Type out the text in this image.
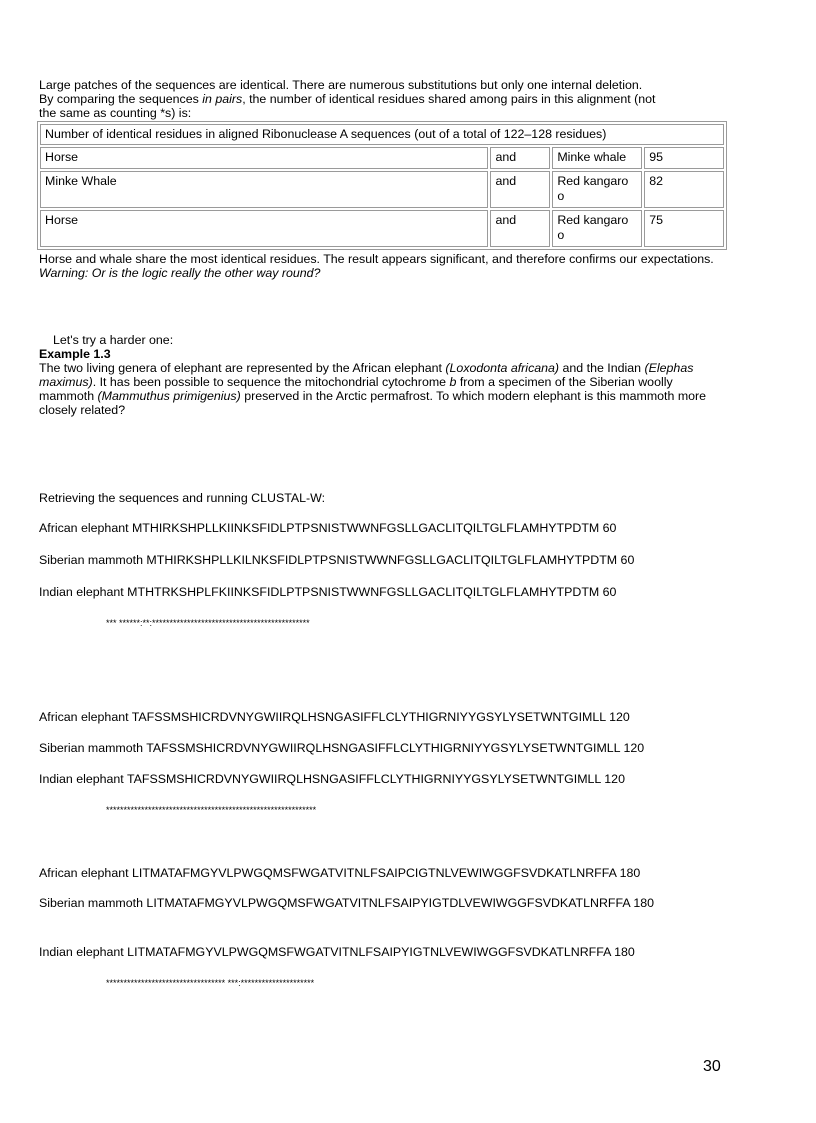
Large patches of the sequences are identical. There are numerous substitutions but only one internal deletion.

By comparing the sequences in pairs, the number of identical residues shared among pairs in this alignment (not

the same as counting *s) is:

Number of identical residues in aligned Ribonuclease A sequences (out of a total of 122–128 residues)			
Horse	and	Minke whale	95
Minke Whale	and	Red kangaro o	82
Horse	and	Red kangaro o	75

Horse and whale share the most identical residues. The result appears significant, and therefore confirms our expectations. Warning: Or is the logic really the other way round?

Let's try a harder one:

Example 1.3

The two living genera of elephant are represented by the African elephant (Loxodonta africana) and the Indian (Elephas maximus). It has been possible to sequence the mitochondrial cytochrome b from a specimen of the Siberian woolly mammoth (Mammuthus primigenius) preserved in the Arctic permafrost. To which modern elephant is this mammoth more closely related?

Retrieving the sequences and running CLUSTAL-W:

African elephant MTHIRKSHPLLKIINKSFIDLPTPSNISTWWNFGSLLGACLITQILTGLFLAMHYTPDTM 60

Siberian mammoth MTHIRKSHPLLKILNKSFIDLPTPSNISTWWNFGSLLGACLITQILTGLFLAMHYTPDTM 60

Indian elephant MTHTRKSHPLFKIINKSFIDLPTPSNISTWWNFGSLLGACLITQILTGLFLAMHYTPDTM 60

*** ******:**:*********************************************

African elephant TAFSSMSHICRDVNYGWIIRQLHSNGASIFFLCLYTHIGRNIYYGSYLYSETWNTGIMLL 120

Siberian mammoth TAFSSMSHICRDVNYGWIIRQLHSNGASIFFLCLYTHIGRNIYYGSYLYSETWNTGIMLL 120

Indian elephant TAFSSMSHICRDVNYGWIIRQLHSNGASIFFLCLYTHIGRNIYYGSYLYSETWNTGIMLL 120

************************************************************

African elephant LITMATAFMGYVLPWGQMSFWGATVITNLFSAIPCIGTNLVEWIWGGFSVDKATLNRFFA 180

Siberian mammoth LITMATAFMGYVLPWGQMSFWGATVITNLFSAIPYIGTDLVEWIWGGFSVDKATLNRFFA 180

Indian elephant LITMATAFMGYVLPWGQMSFWGATVITNLFSAIPYIGTNLVEWIWGGFSVDKATLNRFFA 180

********************************** ***:*********************

30
